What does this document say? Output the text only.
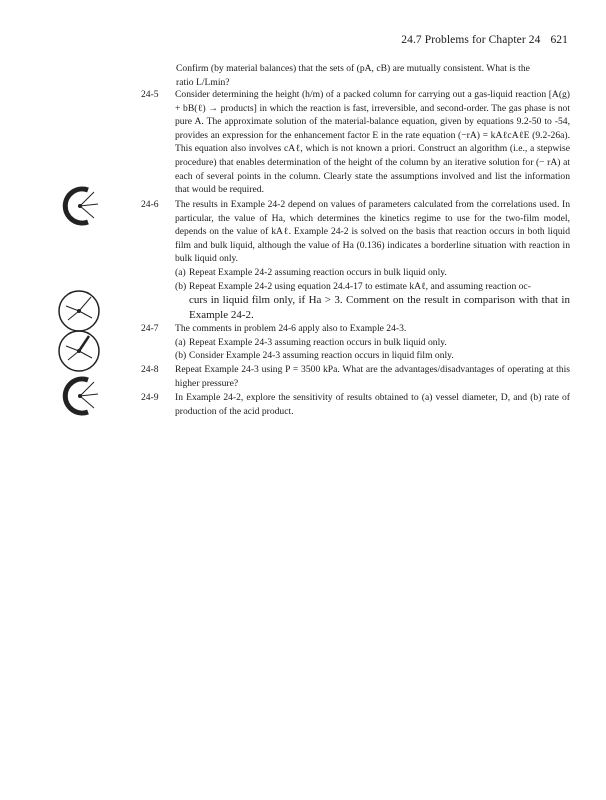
24.7 Problems for Chapter 24 621

Confirm (by material balances) that the sets of (pA, cB) are mutually consistent. What is the

ratio L/Lmin?

24-5	Consider determining the height (h/m) of a packed column for carrying out a gas-liquid reaction [A(g) + bB(ℓ) → products] in which the reaction is fast, irreversible, and second-order. The gas phase is not pure A. The approximate solution of the material-balance equation, given by equations 9.2-50 to -54, provides an expression for the enhancement factor E in the rate equation (−rA) = kAℓcAℓE (9.2-26a). This equation also involves cAℓ, which is not known a priori. Construct an algorithm (i.e., a stepwise procedure) that enables determination of the height of the column by an iterative solution for (− rA) at each of several points in the column. Clearly state the assumptions involved and list the information that would be required.

24-6	The results in Example 24-2 depend on values of parameters calculated from the correlations used. In particular, the value of Ha, which determines the kinetics regime to use for the two-film model, depends on the value of kAℓ. Example 24-2 is solved on the basis that reaction occurs in both liquid film and bulk liquid, although the value of Ha (0.136) indicates a borderline situation with reaction in bulk liquid only.

(a) Repeat Example 24-2 assuming reaction occurs in bulk liquid only.
(b) Repeat Example 24-2 using equation 24.4-17 to estimate kAℓ, and assuming reaction oc-
curs in liquid film only, if Ha > 3. Comment on the result in comparison with that in Example 24-2.
24-7	The comments in problem 24-6 apply also to Example 24-3.

(a) Repeat Example 24-3 assuming reaction occurs in bulk liquid only.
(b) Consider Example 24-3 assuming reaction occurs in liquid film only.
24-8	Repeat Example 24-3 using P = 3500 kPa. What are the advantages/disadvantages of operating at this higher pressure?

24-9	In Example 24-2, explore the sensitivity of results obtained to (a) vessel diameter, D, and (b) rate of production of the acid product.
